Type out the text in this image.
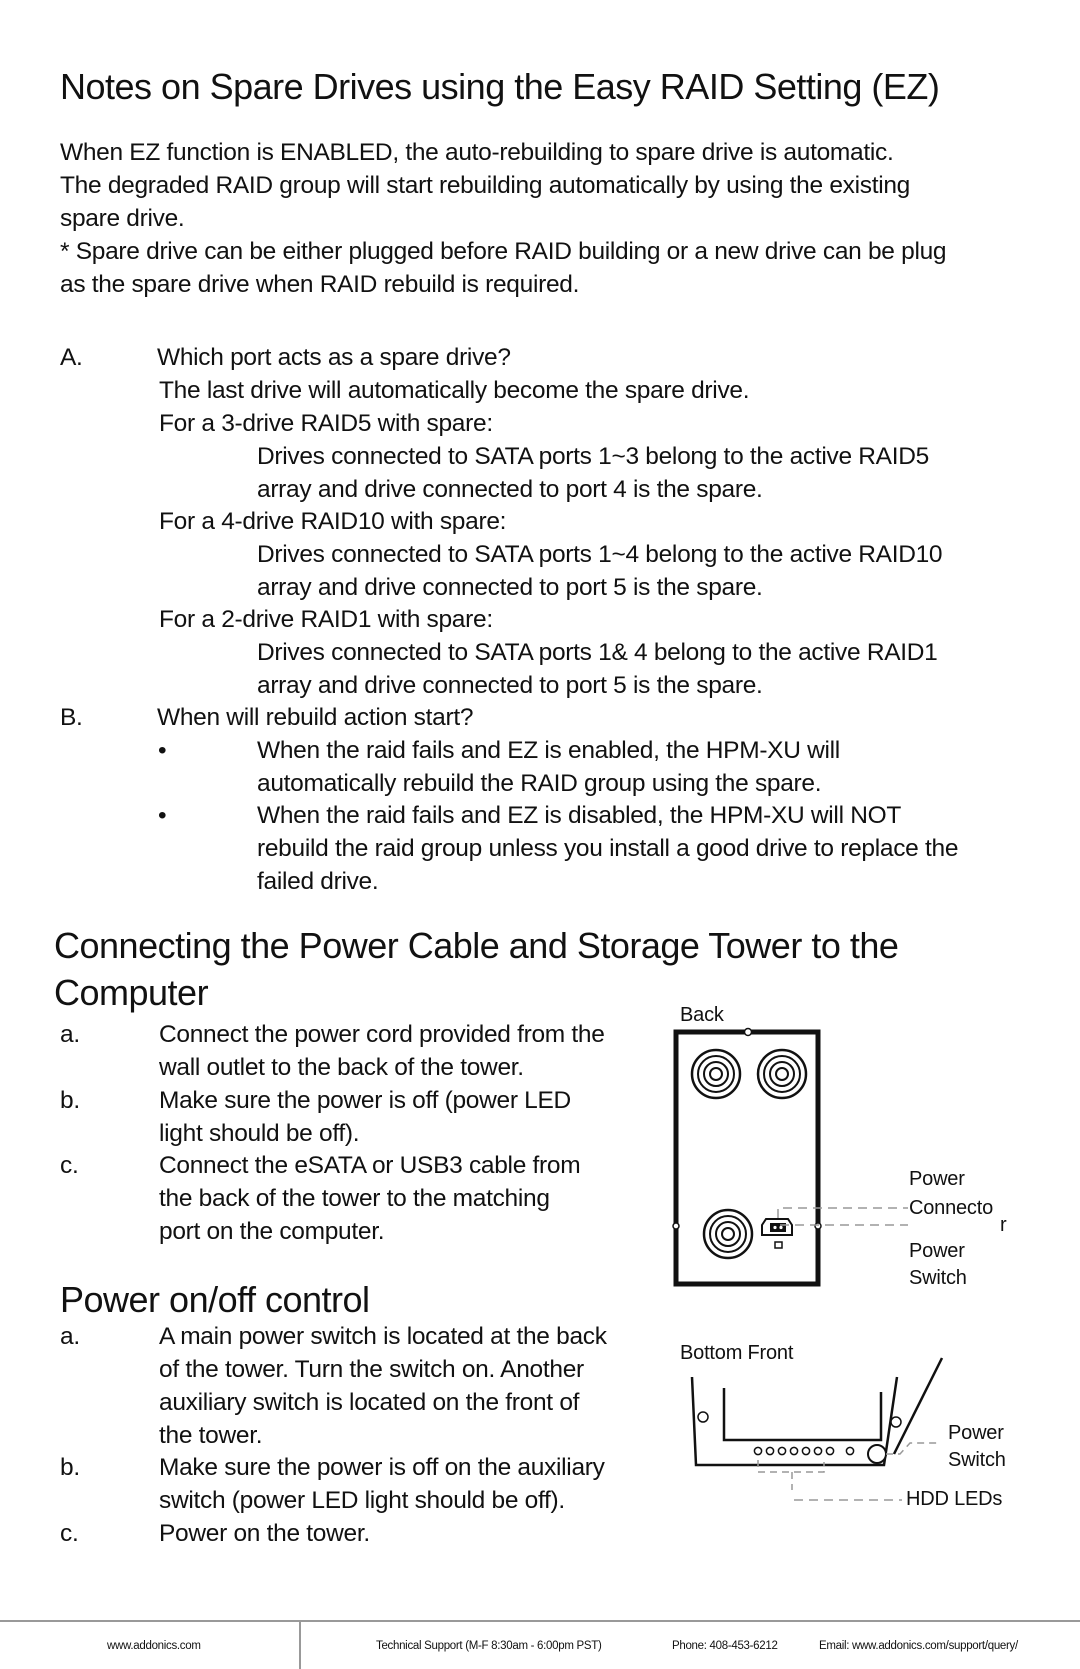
Notes on Spare Drives using the Easy RAID Setting (EZ)
When EZ function is ENABLED, the auto-rebuilding to spare drive is automatic.
The degraded RAID group will start rebuilding automatically by using the existing
spare drive.
* Spare drive can be either plugged before RAID building or a new drive can be plug
as the spare drive when RAID rebuild is required.
A.	Which port acts as a spare drive?
The last drive will automatically become the spare drive.
For a 3-drive RAID5 with spare:
Drives connected to SATA ports 1~3 belong to the active RAID5
array and drive connected to port 4 is the spare.
For a 4-drive RAID10 with spare:
Drives connected to SATA ports 1~4 belong to the active RAID10
array and drive connected to port 5 is the spare.
For a 2-drive RAID1 with spare:
Drives connected to SATA ports 1& 4 belong to the active RAID1
array and drive connected to port 5 is the spare.
B.	When will rebuild action start?
•	When the raid fails and EZ is enabled, the HPM-XU will
automatically rebuild the RAID group using the spare.
•	When the raid fails and EZ is disabled, the HPM-XU will NOT
rebuild the raid group unless you install a good drive to replace the
failed drive.
Connecting the Power Cable and Storage Tower to the
Computer
a.	Connect the power cord provided from the
wall outlet to the back of the tower.
b.	Make sure the power is off (power LED
light should be off).
c.	Connect the eSATA or USB3 cable from
the back of the tower to the matching
port on the computer.
Power on/off control
a.	A main power switch is located at the back
of the tower. Turn the switch on. Another
auxiliary switch is located on the front of
the tower.
b.	Make sure the power is off on the auxiliary
switch (power LED light should be off).
c.	Power on the tower.
Back
Power
Connecto
r
Power
Switch
Bottom Front
Power
Switch
HDD LEDs
www.addonics.com	Technical Support (M-F 8:30am - 6:00pm PST)	Phone: 408-453-6212	Email: www.addonics.com/support/query/
